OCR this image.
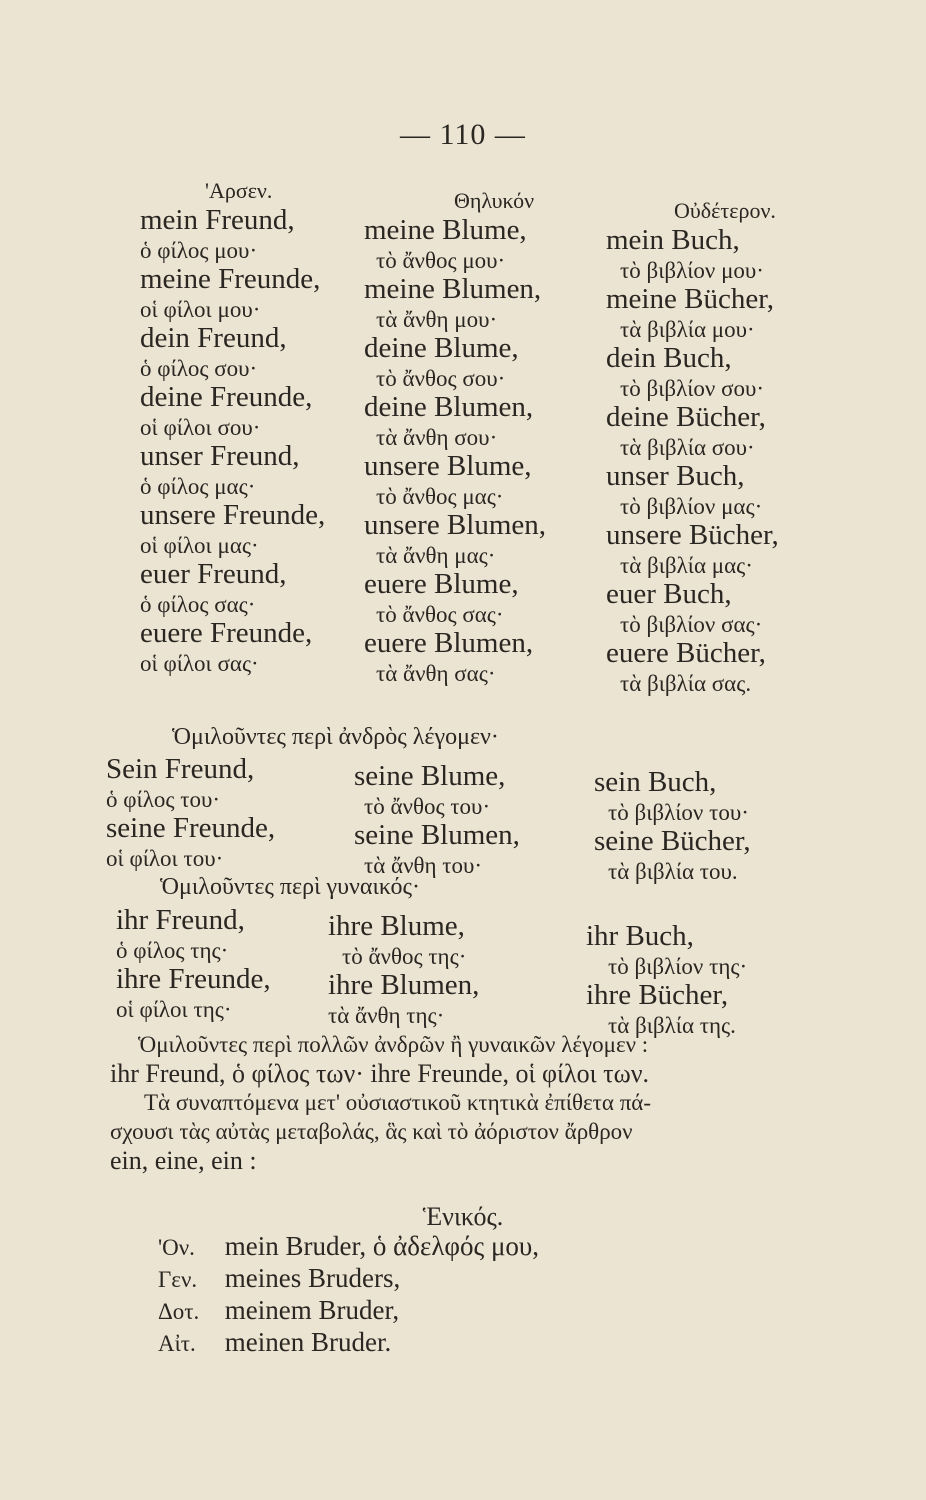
— 110 —
'Αρσεν.
mein Freund,
ὁ φίλος μου·
meine Freunde,
οἱ φίλοι μου·
dein Freund,
ὁ φίλος σου·
deine Freunde,
οἱ φίλοι σου·
unser Freund,
ὁ φίλος μας·
unsere Freunde,
οἱ φίλοι μας·
euer Freund,
ὁ φίλος σας·
euere Freunde,
οἱ φίλοι σας·
Θηλυκόν
meine Blume,
τὸ ἄνθος μου·
meine Blumen,
τὰ ἄνθη μου·
deine Blume,
τὸ ἄνθος σου·
deine Blumen,
τὰ ἄνθη σου·
unsere Blume,
τὸ ἄνθος μας·
unsere Blumen,
τὰ ἄνθη μας·
euere Blume,
τὸ ἄνθος σας·
euere Blumen,
τὰ ἄνθη σας·
Οὐδέτερον.
mein Buch,
τὸ βιβλίον μου·
meine Bücher,
τὰ βιβλία μου·
dein Buch,
τὸ βιβλίον σου·
deine Bücher,
τὰ βιβλία σου·
unser Buch,
τὸ βιβλίον μας·
unsere Bücher,
τὰ βιβλία μας·
euer Buch,
τὸ βιβλίον σας·
euere Bücher,
τὰ βιβλία σας.
Ὁμιλοῦντες περὶ ἀνδρὸς λέγομεν·
Sein Freund,
ὁ φίλος του·
seine Freunde,
οἱ φίλοι του·
seine Blume,
τὸ ἄνθος του·
seine Blumen,
τὰ ἄνθη του·
sein Buch,
τὸ βιβλίον του·
seine Bücher,
τὰ βιβλία του.
Ὁμιλοῦντες περὶ γυναικός·
ihr Freund,
ὁ φίλος της·
ihre Freunde,
οἱ φίλοι της·
ihre Blume,
τὸ ἄνθος της·
ihre Blumen,
τὰ ἄνθη της·
ihr Buch,
τὸ βιβλίον της·
ihre Bücher,
τὰ βιβλία της.
Ὁμιλοῦντες περὶ πολλῶν ἀνδρῶν ἢ γυναικῶν λέγομεν :
ihr Freund, ὁ φίλος των· ihre Freunde, οἱ φίλοι των.
Τὰ συναπτόμενα μετ' οὐσιαστικοῦ κτητικὰ ἐπίθετα πά-
σχουσι τὰς αὐτὰς μεταβολάς, ἃς καὶ τὸ ἀόριστον ἄρθρον
ein, eine, ein :
Ἑνικός.
'Ον. mein Bruder, ὁ ἀδελφός μου,
Γεν. meines Bruders,
Δοτ. meinem Bruder,
Αἰτ. meinen Bruder.
